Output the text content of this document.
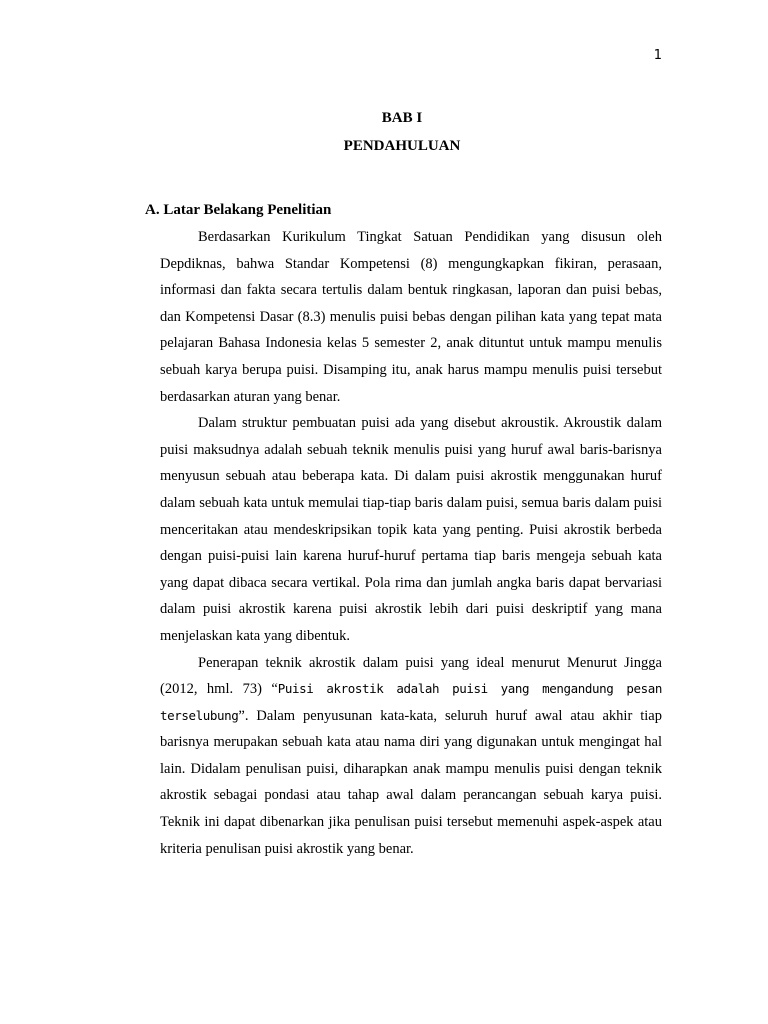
1
BAB I
PENDAHULUAN
A. Latar Belakang Penelitian

Berdasarkan Kurikulum Tingkat Satuan Pendidikan yang disusun oleh Depdiknas, bahwa Standar Kompetensi (8) mengungkapkan fikiran, perasaan, informasi dan fakta secara tertulis dalam bentuk ringkasan, laporan dan puisi bebas, dan Kompetensi Dasar (8.3) menulis puisi bebas dengan pilihan kata yang tepat mata pelajaran Bahasa Indonesia kelas 5 semester 2, anak dituntut untuk mampu menulis sebuah karya berupa puisi. Disamping itu, anak harus mampu menulis puisi tersebut berdasarkan aturan yang benar.

Dalam struktur pembuatan puisi ada yang disebut akroustik. Akroustik dalam puisi maksudnya adalah sebuah teknik menulis puisi yang huruf awal baris-barisnya menyusun sebuah atau beberapa kata. Di dalam puisi akrostik menggunakan huruf dalam sebuah kata untuk memulai tiap-tiap baris dalam puisi, semua baris dalam puisi menceritakan atau mendeskripsikan topik kata yang penting. Puisi akrostik berbeda dengan puisi-puisi lain karena huruf-huruf pertama tiap baris mengeja sebuah kata yang dapat dibaca secara vertikal. Pola rima dan jumlah angka baris dapat bervariasi dalam puisi akrostik karena puisi akrostik lebih dari puisi deskriptif yang mana menjelaskan kata yang dibentuk.

Penerapan teknik akrostik dalam puisi yang ideal menurut Menurut Jingga (2012, hml. 73) “Puisi akrostik adalah puisi yang mengandung pesan terselubung”. Dalam penyusunan kata-kata, seluruh huruf awal atau akhir tiap barisnya merupakan sebuah kata atau nama diri yang digunakan untuk mengingat hal lain. Didalam penulisan puisi, diharapkan anak mampu menulis puisi dengan teknik akrostik sebagai pondasi atau tahap awal dalam perancangan sebuah karya puisi. Teknik ini dapat dibenarkan jika penulisan puisi tersebut memenuhi aspek-aspek atau kriteria penulisan puisi akrostik yang benar.
